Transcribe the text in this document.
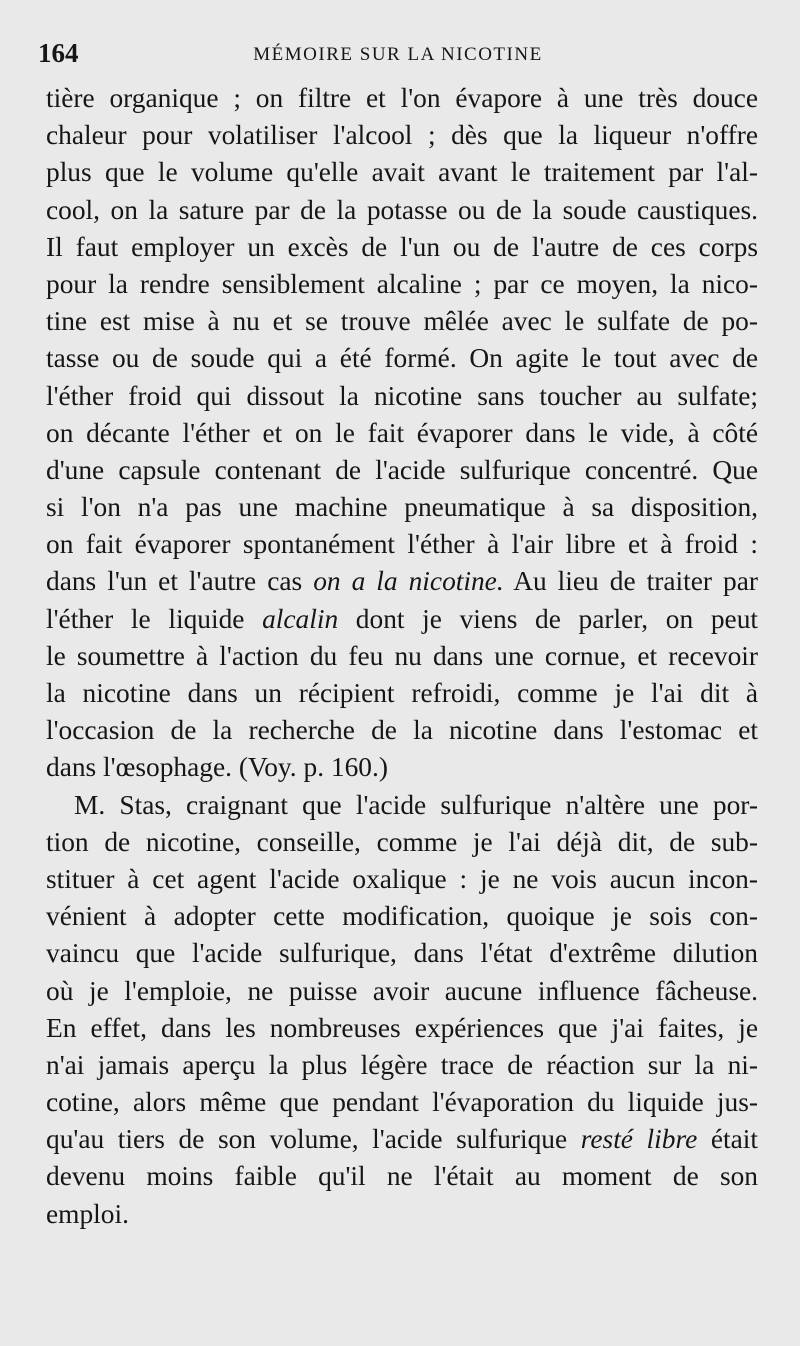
164	MÉMOIRE SUR LA NICOTINE
tière organique ; on filtre et l'on évapore à une très douce
chaleur pour volatiliser l'alcool ; dès que la liqueur n'offre
plus que le volume qu'elle avait avant le traitement par l'al-
cool, on la sature par de la potasse ou de la soude caustiques.
Il faut employer un excès de l'un ou de l'autre de ces corps
pour la rendre sensiblement alcaline ; par ce moyen, la nico-
tine est mise à nu et se trouve mêlée avec le sulfate de po-
tasse ou de soude qui a été formé. On agite le tout avec de
l'éther froid qui dissout la nicotine sans toucher au sulfate;
on décante l'éther et on le fait évaporer dans le vide, à côté
d'une capsule contenant de l'acide sulfurique concentré. Que
si l'on n'a pas une machine pneumatique à sa disposition,
on fait évaporer spontanément l'éther à l'air libre et à froid :
dans l'un et l'autre cas on a la nicotine. Au lieu de traiter par
l'éther le liquide alcalin dont je viens de parler, on peut
le soumettre à l'action du feu nu dans une cornue, et recevoir
la nicotine dans un récipient refroidi, comme je l'ai dit à
l'occasion de la recherche de la nicotine dans l'estomac et
dans l'œsophage. (Voy. p. 160.)
M. Stas, craignant que l'acide sulfurique n'altère une por-
tion de nicotine, conseille, comme je l'ai déjà dit, de sub-
stituer à cet agent l'acide oxalique : je ne vois aucun incon-
vénient à adopter cette modification, quoique je sois con-
vaincu que l'acide sulfurique, dans l'état d'extrême dilution
où je l'emploie, ne puisse avoir aucune influence fâcheuse.
En effet, dans les nombreuses expériences que j'ai faites, je
n'ai jamais aperçu la plus légère trace de réaction sur la ni-
cotine, alors même que pendant l'évaporation du liquide jus-
qu'au tiers de son volume, l'acide sulfurique resté libre était
devenu moins faible qu'il ne l'était au moment de son
emploi.
